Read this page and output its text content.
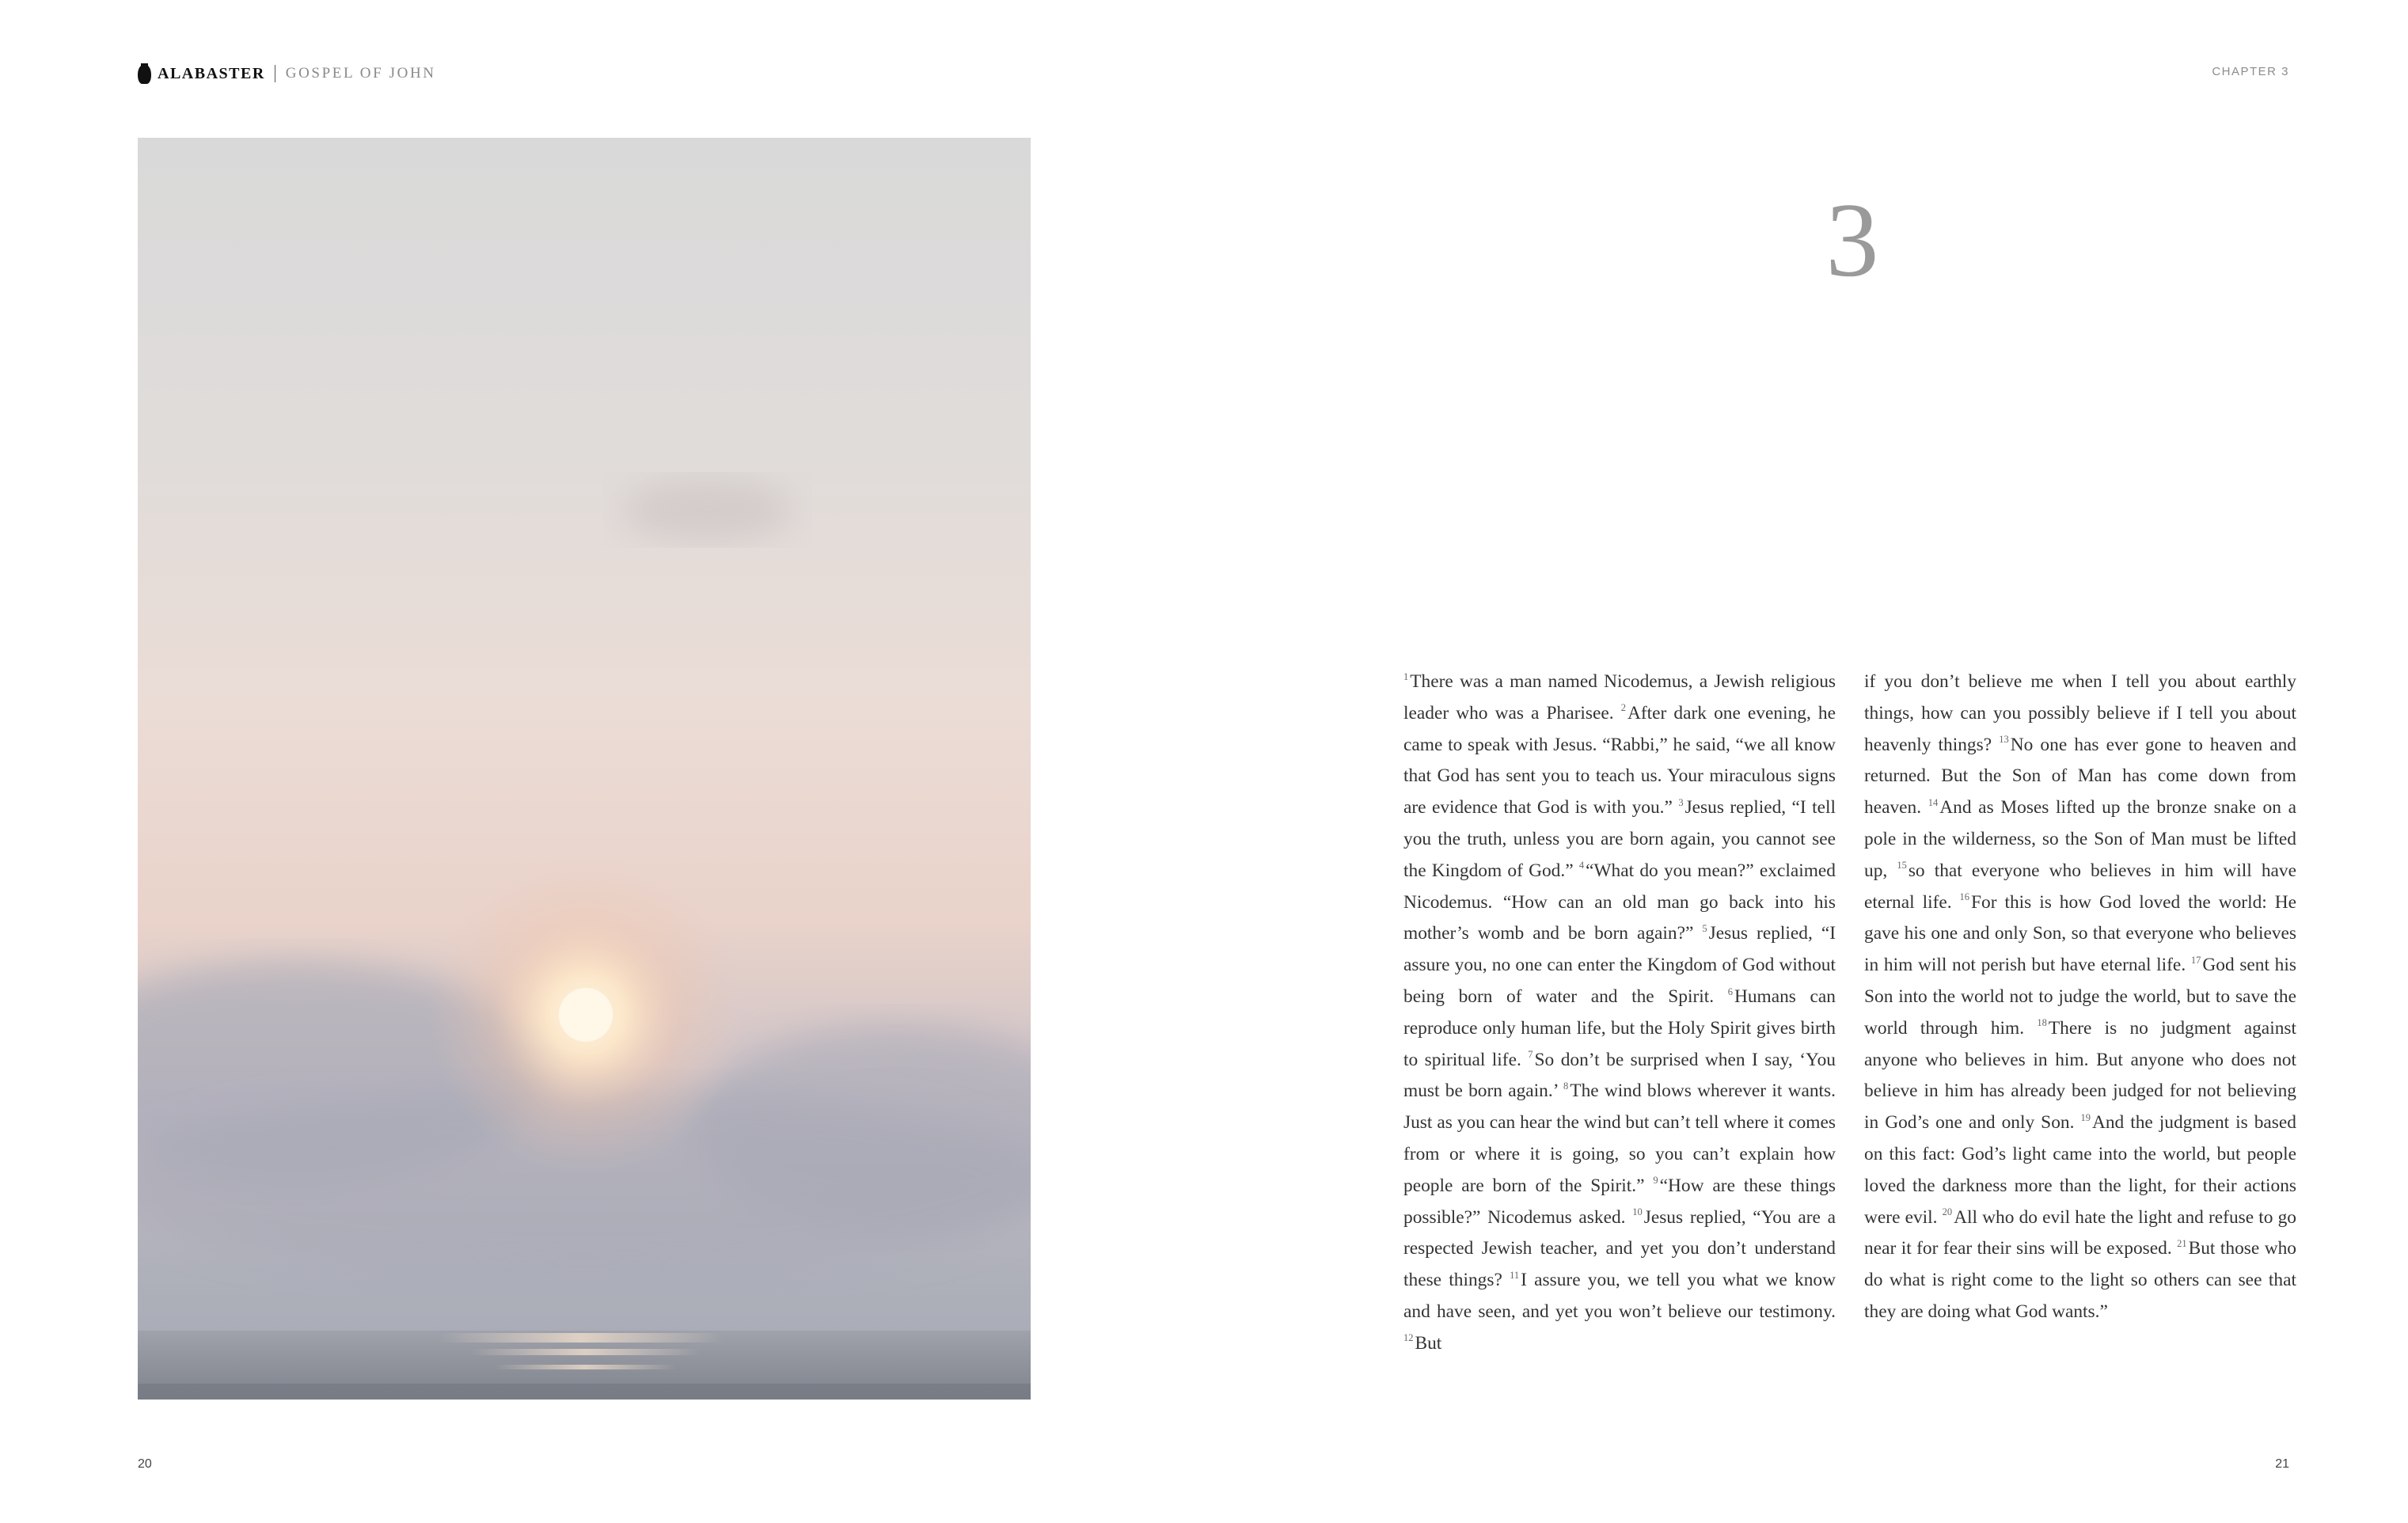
ALABASTER GOSPEL OF JOHN	CHAPTER 3
3
$^1$There was a man named Nicodemus, a Jewish religious leader who was a Pharisee. $^2$After dark one evening, he came to speak with Jesus. “Rabbi,” he said, “we all know that God has sent you to teach us. Your miraculous signs are evidence that God is with you.” $^3$Jesus replied, “I tell you the truth, unless you are born again, you cannot see the Kingdom of God.” $^4$“What do you mean?” exclaimed Nicodemus. “How can an old man go back into his mother’s womb and be born again?” $^5$Jesus replied, “I assure you, no one can enter the Kingdom of God without being born of water and the Spirit. $^6$Humans can reproduce only human life, but the Holy Spirit gives birth to spiritual life. $^7$So don’t be surprised when I say, ‘You must be born again.’ $^8$The wind blows wherever it wants. Just as you can hear the wind but can’t tell where it comes from or where it is going, so you can’t explain how people are born of the Spirit.” $^9$“How are these things possible?” Nicodemus asked. $^{10}$Jesus replied, “You are a respected Jewish teacher, and yet you don’t understand these things? $^{11}$I assure you, we tell you what we know and have seen, and yet you won’t believe our testimony. $^{12}$But
if you don’t believe me when I tell you about earthly things, how can you possibly believe if I tell you about heavenly things? $^{13}$No one has ever gone to heaven and returned. But the Son of Man has come down from heaven. $^{14}$And as Moses lifted up the bronze snake on a pole in the wilderness, so the Son of Man must be lifted up, $^{15}$so that everyone who believes in him will have eternal life. $^{16}$For this is how God loved the world: He gave his one and only Son, so that everyone who believes in him will not perish but have eternal life. $^{17}$God sent his Son into the world not to judge the world, but to save the world through him. $^{18}$There is no judgment against anyone who believes in him. But anyone who does not believe in him has already been judged for not believing in God’s one and only Son. $^{19}$And the judgment is based on this fact: God’s light came into the world, but people loved the darkness more than the light, for their actions were evil. $^{20}$All who do evil hate the light and refuse to go near it for fear their sins will be exposed. $^{21}$But those who do what is right come to the light so others can see that they are doing what God wants.”
20	21
